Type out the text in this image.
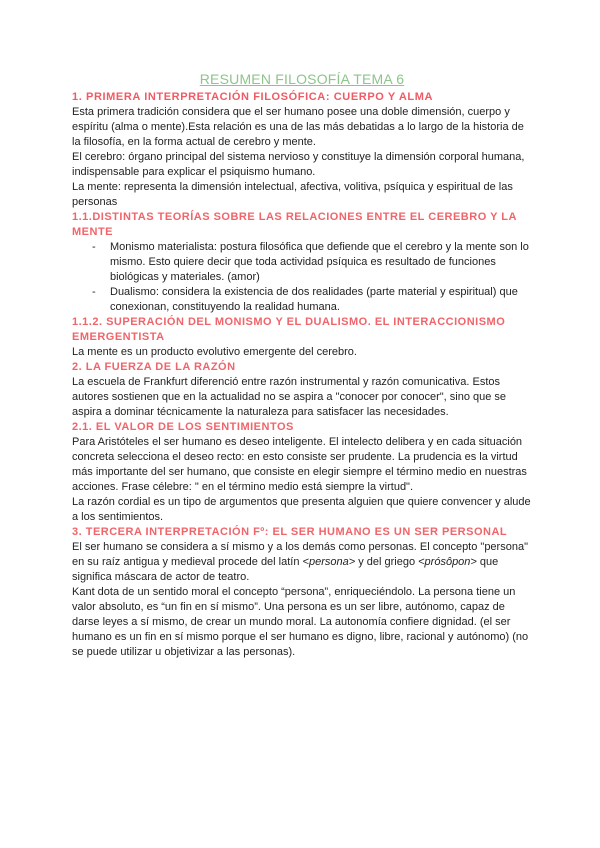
RESUMEN FILOSOFÍA TEMA 6
1. PRIMERA INTERPRETACIÓN FILOSÓFICA: CUERPO Y ALMA

Esta primera tradición considera que el ser humano posee una doble dimensión, cuerpo y espíritu (alma o mente).Esta relación es una de las más debatidas a lo largo de la historia de la filosofía, en la forma actual de cerebro y mente.

El cerebro: órgano principal del sistema nervioso y constituye la dimensión corporal humana, indispensable para explicar el psiquismo humano.

La mente: representa la dimensión intelectual, afectiva, volitiva, psíquica y espiritual de las personas

1.1.DISTINTAS TEORÍAS SOBRE LAS RELACIONES ENTRE EL CEREBRO Y LA MENTE
- Monismo materialista: postura filosófica que defiende que el cerebro y la mente son lo mismo. Esto quiere decir que toda actividad psíquica es resultado de funciones biológicas y materiales. (amor)
- Dualismo: considera la existencia de dos realidades (parte material y espiritual) que conexionan, constituyendo la realidad humana.
1.1.2. SUPERACIÓN DEL MONISMO Y EL DUALISMO. EL INTERACCIONISMO EMERGENTISTA

La mente es un producto evolutivo emergente del cerebro.

2. LA FUERZA DE LA RAZÓN

La escuela de Frankfurt diferenció entre razón instrumental y razón comunicativa. Estos autores sostienen que en la actualidad no se aspira a "conocer por conocer", sino que se aspira a dominar técnicamente la naturaleza para satisfacer las necesidades.

2.1. EL VALOR DE LOS SENTIMIENTOS

Para Aristóteles el ser humano es deseo inteligente. El intelecto delibera y en cada situación concreta selecciona el deseo recto: en esto consiste ser prudente. La prudencia es la virtud más importante del ser humano, que consiste en elegir siempre el término medio en nuestras acciones. Frase célebre: " en el término medio está siempre la virtud".

La razón cordial es un tipo de argumentos que presenta alguien que quiere convencer y alude a los sentimientos.

3. TERCERA INTERPRETACIÓN Fº: EL SER HUMANO ES UN SER PERSONAL

El ser humano se considera a sí mismo y a los demás como personas. El concepto "persona" en su raíz antigua y medieval procede del latín <persona> y del griego <prósôpon> que significa máscara de actor de teatro.

Kant dota de un sentido moral el concepto “persona”, enriqueciéndolo. La persona tiene un valor absoluto, es “un fin en sí mismo”. Una persona es un ser libre, autónomo, capaz de darse leyes a sí mismo, de crear un mundo moral. La autonomía confiere dignidad. (el ser humano es un fin en sí mismo porque el ser humano es digno, libre, racional y autónomo) (no se puede utilizar u objetivizar a las personas).
